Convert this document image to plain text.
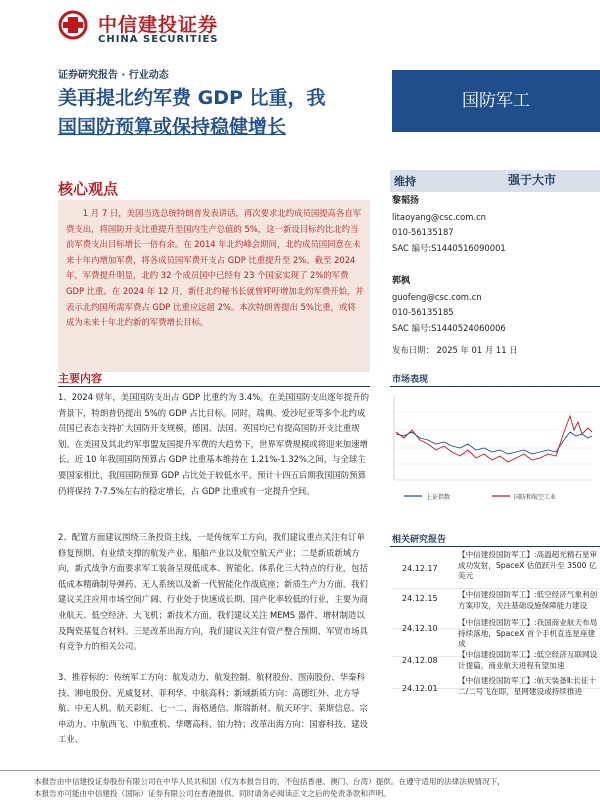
中信建投证券
CHINA SECURITIES
证券研究报告 · 行业动态
美再提北约军费 GDP 比重，我
国国防预算或保持稳健增长
国防军工
核心观点
1 月 7 日，美国当选总统特朗普发表讲话，再次要求北约成员国提高各自军费支出，将国防开支比重提升至国内生产总值的 5%，这一新设目标约比北约当前军费支出目标增长一倍有余。在 2014 年北约峰会期间，北约成员国同意在未来十年内增加军费，将各成员国军费开支占 GDP 比重提升至 2%。截至 2024 年，军费提升明显，北约 32 个成员国中已经有 23 个国家实现了 2%的军费 GDP 比重。在 2024 年 12 月，新任北约秘书长就曾呼吁增加北约军费开始，并表示北约国所需军费占 GDP 比重应远超 2%。本次特朗普提出 5%比重，或将成为未来十年北约新的军费增长目标。
维持	强于大市
黎韬扬
litaoyang@csc.com.cn
010-56135187
SAC 编号:S1440516090001
郭枫
guofeng@csc.com.cn
010-56135185
SAC 编号:S1440524060006
发布日期： 2025 年 01 月 11 日
市场表现
上证指数	国防和航空工业
相关研究报告
24.12.17
【中信建投国防军工】:高温超光精石星审成功发射，SpaceX 估值跃升至 3500 亿美元
24.12.15	【中信建投国防军工】:低空经济气象利创方案印发，关注基础设施保障能力建设
24.12.10
【中信建投国防军工】:我国商业航天布局持续落地，SpaceX 首个手机直连星座建成
24.12.08
【中信建投国防军工】:低空经济互联网设计提篇，商业航天进程有望加速
24.12.01
【中信建投国防军工】:航天装备Ⅱ:长征十二/二号飞在即，星网建设或持续推进
主要内容
1、2024 财年，美国国防支出占 GDP 比重约为 3.4%。在美国国防支出逐年提升的背景下，特朗普仍提出 5%的 GDP 占比目标。同时，瑞典、爱沙尼亚等多个北约成员国已表态支持扩大国防开支规模，德国、法国、英国均已有提高国防开支比重规划。在美国及其北约军事盟友国提升军费的大趋势下，世界军费规模或将迎来加速增长。近 10 年我国国防预算占 GDP 比重基本维持在 1.21%-1.32%之间，与全球主要国家相比，我国国防预算 GDP 占比处于较低水平。预计十四五后期我国国防预算仍将保持 7-7.5%左右的稳定增长，占 GDP 比重或有一定提升空间。
2、配置方面建议围绕三条投资主线，一是传统军工方向，我们建议重点关注有订单修复预期、有业绩支撑的航发产业、船舶产业以及航空航天产业；二是新质新域方向，新式战争方面要求军工装备呈现低成本、智能化、体系化三大特点的行业，包括低成本精确制导弹药、无人系统以及新一代智能化作战底座；新质生产力方面，我们建议关注应用市场空间广阔、行业处于快速成长期、国产化率较低的行业，主要为商业航天、低空经济、大飞机；新技术方面，我们建议关注 MEMS 器件、增材制造以及陶瓷基复合材料。三是改革出海方向，我们建议关注有资产整合预期、军贸市场具有竞争力的相关公司。
3、推荐标的：传统军工方向：航发动力、航发控制、航材股份、图南股份、华秦科技、湘电股份、光威复材、菲利华、中航高科；新域新质方向：高德红外、北方导航、中无人机、航天彩虹、七一二、海格通信、斯瑞新材、航天环宇、莱斯信息、宗申动力、中航西飞、中航重机、华曙高科、铂力特；改革出海方向：国睿科技、建设工业、
本报告由中信建投证券股份有限公司在中华人民共和国（仅为本报告目的，不包括香港、澳门、台湾）提供。在遵守适用的法律法规情况下，
本报告亦可能由中信建投（国际）证券有限公司在香港提供。同时请务必阅读正文之后的免责条款和声明。
